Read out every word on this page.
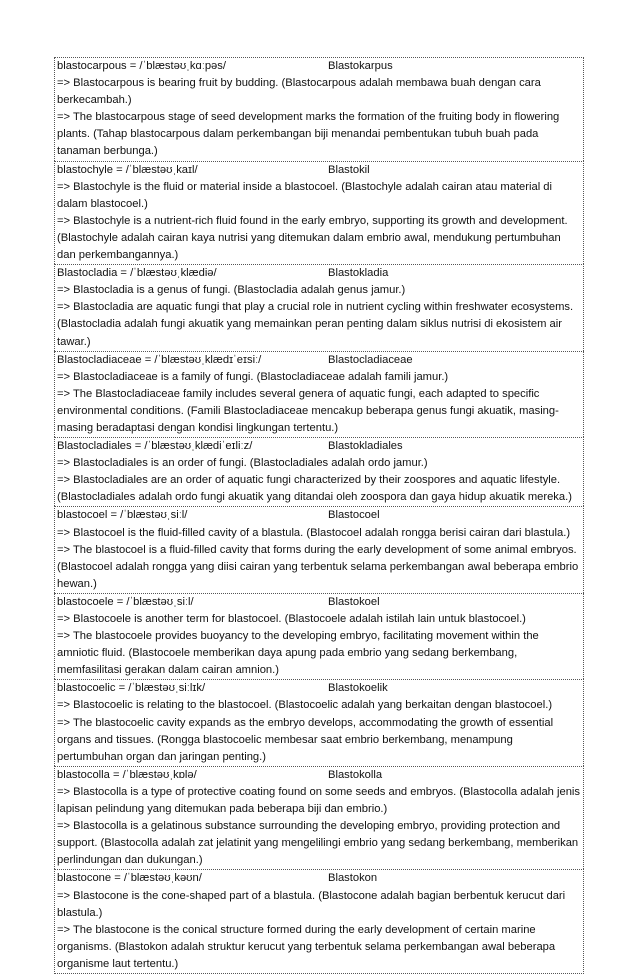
blastocarpous = /ˈblæstəʊˌkɑːpəs/	Blastokarpus
=> Blastocarpous is bearing fruit by budding. (Blastocarpous adalah membawa buah dengan cara berkecambah.)
=> The blastocarpous stage of seed development marks the formation of the fruiting body in flowering plants. (Tahap blastocarpous dalam perkembangan biji menandai pembentukan tubuh buah pada tanaman berbunga.)
blastochyle = /ˈblæstəʊˌkaɪl/	Blastokil
=> Blastochyle is the fluid or material inside a blastocoel. (Blastochyle adalah cairan atau material di dalam blastocoel.)
=> Blastochyle is a nutrient-rich fluid found in the early embryo, supporting its growth and development. (Blastochyle adalah cairan kaya nutrisi yang ditemukan dalam embrio awal, mendukung pertumbuhan dan perkembangannya.)
Blastocladia = /ˈblæstəʊˌklædiə/	Blastokladia
=> Blastocladia is a genus of fungi. (Blastocladia adalah genus jamur.)
=> Blastocladia are aquatic fungi that play a crucial role in nutrient cycling within freshwater ecosystems. (Blastocladia adalah fungi akuatik yang memainkan peran penting dalam siklus nutrisi di ekosistem air tawar.)
Blastocladiaceae = /ˈblæstəʊˌklædɪˈeɪsiː/	Blastocladiaceae
=> Blastocladiaceae is a family of fungi. (Blastocladiaceae adalah famili jamur.)
=> The Blastocladiaceae family includes several genera of aquatic fungi, each adapted to specific environmental conditions. (Famili Blastocladiaceae mencakup beberapa genus fungi akuatik, masing-masing beradaptasi dengan kondisi lingkungan tertentu.)
Blastocladiales = /ˈblæstəʊˌklædiˈeɪliːz/	Blastokladiales
=> Blastocladiales is an order of fungi. (Blastocladiales adalah ordo jamur.)
=> Blastocladiales are an order of aquatic fungi characterized by their zoospores and aquatic lifestyle. (Blastocladiales adalah ordo fungi akuatik yang ditandai oleh zoospora dan gaya hidup akuatik mereka.)
blastocoel = /ˈblæstəʊˌsiːl/	Blastocoel
=> Blastocoel is the fluid-filled cavity of a blastula. (Blastocoel adalah rongga berisi cairan dari blastula.)
=> The blastocoel is a fluid-filled cavity that forms during the early development of some animal embryos. (Blastocoel adalah rongga yang diisi cairan yang terbentuk selama perkembangan awal beberapa embrio hewan.)
blastocoele = /ˈblæstəʊˌsiːl/	Blastokoel
=> Blastocoele is another term for blastocoel. (Blastocoele adalah istilah lain untuk blastocoel.)
=> The blastocoele provides buoyancy to the developing embryo, facilitating movement within the amniotic fluid. (Blastocoele memberikan daya apung pada embrio yang sedang berkembang, memfasilitasi gerakan dalam cairan amnion.)
blastocoelic = /ˈblæstəʊˌsiːlɪk/	Blastokoelik
=> Blastocoelic is relating to the blastocoel. (Blastocoelic adalah yang berkaitan dengan blastocoel.)
=> The blastocoelic cavity expands as the embryo develops, accommodating the growth of essential organs and tissues. (Rongga blastocoelic membesar saat embrio berkembang, menampung pertumbuhan organ dan jaringan penting.)
blastocolla = /ˈblæstəʊˌkɒlə/	Blastokolla
=> Blastocolla is a type of protective coating found on some seeds and embryos. (Blastocolla adalah jenis lapisan pelindung yang ditemukan pada beberapa biji dan embrio.)
=> Blastocolla is a gelatinous substance surrounding the developing embryo, providing protection and support. (Blastocolla adalah zat jelatinit yang mengelilingi embrio yang sedang berkembang, memberikan perlindungan dan dukungan.)
blastocone = /ˈblæstəʊˌkəʊn/	Blastokon
=> Blastocone is the cone-shaped part of a blastula. (Blastocone adalah bagian berbentuk kerucut dari blastula.)
=> The blastocone is the conical structure formed during the early development of certain marine organisms. (Blastokon adalah struktur kerucut yang terbentuk selama perkembangan awal beberapa organisme laut tertentu.)
